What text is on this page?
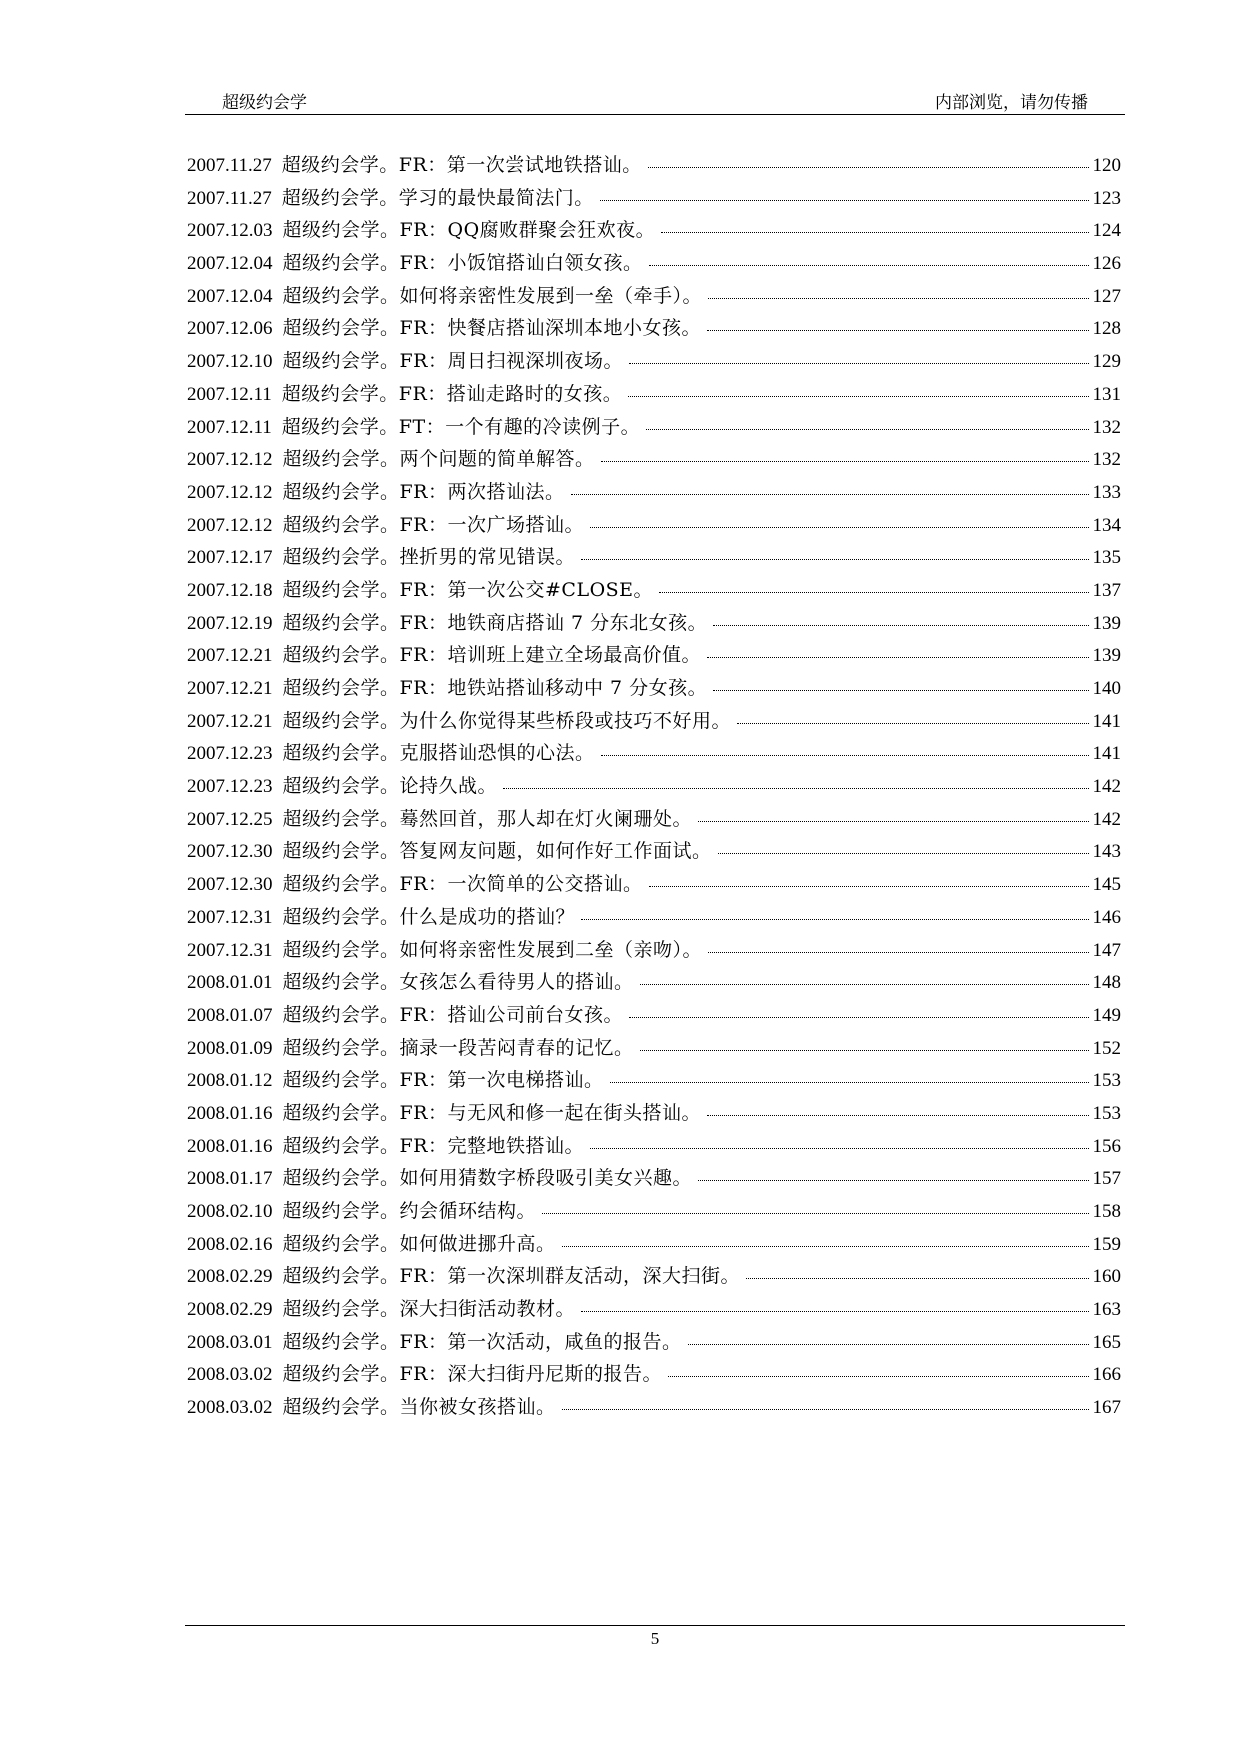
超级约会学	内部浏览，请勿传播
2007.11.27 超级约会学。FR：第一次尝试地铁搭讪。	120
2007.11.27 超级约会学。学习的最快最简法门。	123
2007.12.03 超级约会学。FR：QQ腐败群聚会狂欢夜。	124
2007.12.04 超级约会学。FR：小饭馆搭讪白领女孩。	126
2007.12.04 超级约会学。如何将亲密性发展到一垒（牵手）。	127
2007.12.06 超级约会学。FR：快餐店搭讪深圳本地小女孩。	128
2007.12.10 超级约会学。FR：周日扫视深圳夜场。	129
2007.12.11 超级约会学。FR：搭讪走路时的女孩。	131
2007.12.11 超级约会学。FT：一个有趣的冷读例子。	132
2007.12.12 超级约会学。两个问题的简单解答。	132
2007.12.12 超级约会学。FR：两次搭讪法。	133
2007.12.12 超级约会学。FR：一次广场搭讪。	134
2007.12.17 超级约会学。挫折男的常见错误。	135
2007.12.18 超级约会学。FR：第一次公交#CLOSE。	137
2007.12.19 超级约会学。FR：地铁商店搭讪 7 分东北女孩。	139
2007.12.21 超级约会学。FR：培训班上建立全场最高价值。	139
2007.12.21 超级约会学。FR：地铁站搭讪移动中 7 分女孩。	140
2007.12.21 超级约会学。为什么你觉得某些桥段或技巧不好用。	141
2007.12.23 超级约会学。克服搭讪恐惧的心法。	141
2007.12.23 超级约会学。论持久战。	142
2007.12.25 超级约会学。蓦然回首，那人却在灯火阑珊处。	142
2007.12.30 超级约会学。答复网友问题，如何作好工作面试。	143
2007.12.30 超级约会学。FR：一次简单的公交搭讪。	145
2007.12.31 超级约会学。什么是成功的搭讪？	146
2007.12.31 超级约会学。如何将亲密性发展到二垒（亲吻）。	147
2008.01.01 超级约会学。女孩怎么看待男人的搭讪。	148
2008.01.07 超级约会学。FR：搭讪公司前台女孩。	149
2008.01.09 超级约会学。摘录一段苦闷青春的记忆。	152
2008.01.12 超级约会学。FR：第一次电梯搭讪。	153
2008.01.16 超级约会学。FR：与无风和修一起在街头搭讪。	153
2008.01.16 超级约会学。FR：完整地铁搭讪。	156
2008.01.17 超级约会学。如何用猜数字桥段吸引美女兴趣。	157
2008.02.10 超级约会学。约会循环结构。	158
2008.02.16 超级约会学。如何做进挪升高。	159
2008.02.29 超级约会学。FR：第一次深圳群友活动，深大扫街。	160
2008.02.29 超级约会学。深大扫街活动教材。	163
2008.03.01 超级约会学。FR：第一次活动，咸鱼的报告。	165
2008.03.02 超级约会学。FR：深大扫街丹尼斯的报告。	166
2008.03.02 超级约会学。当你被女孩搭讪。	167
5
